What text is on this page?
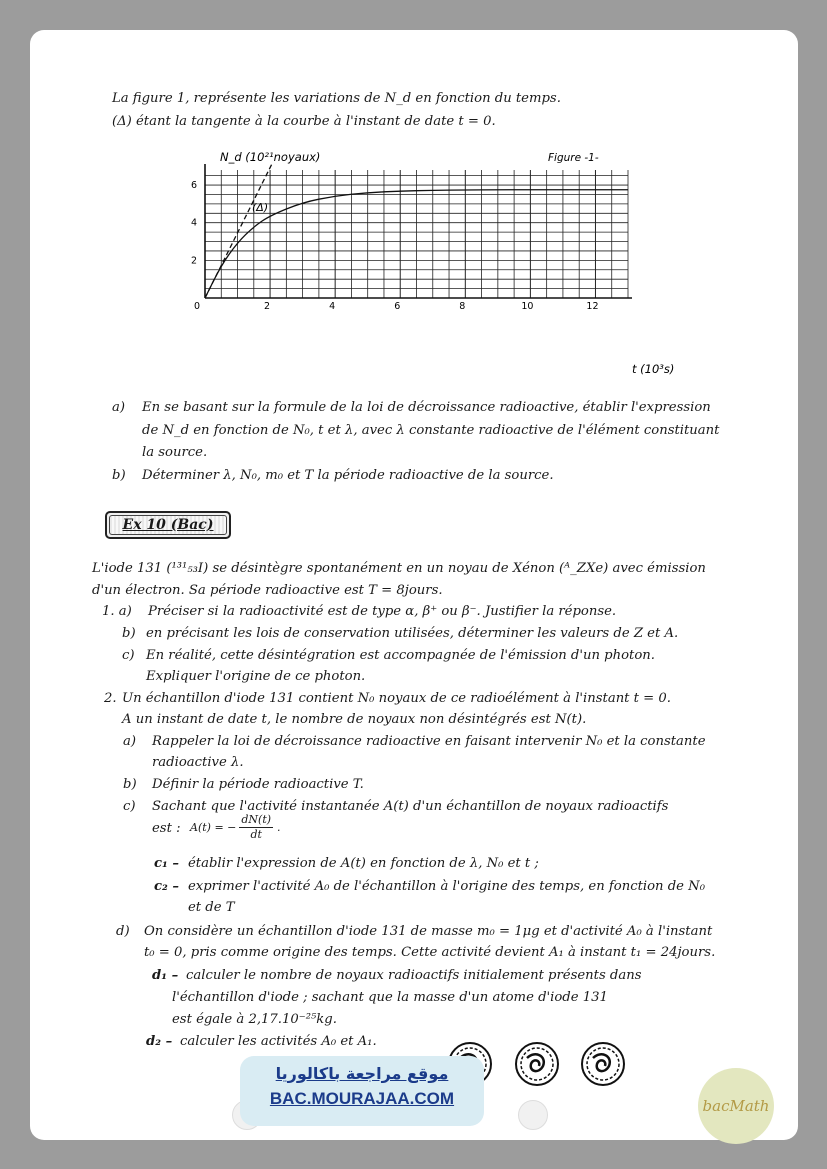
La figure 1, représente les variations de N_d en fonction du temps.
(Δ) étant la tangente à la courbe à l'instant de date t = 0.
0	2	4	6	8	10	12
2
4
6
N_d (10²¹noyaux)
t (10³s)
Figure -1-
(Δ)
a) En se basant sur la formule de la loi de décroissance radioactive, établir l'expression
de N_d en fonction de N₀, t et λ, avec λ constante radioactive de l'élément constituant
la source.
b) Déterminer λ, N₀, m₀ et T la période radioactive de la source.
Ex 10 (Bac)
L'iode 131 (¹³¹₅₃I) se désintègre spontanément en un noyau de Xénon (ᴬ_ZXe) avec émission
d'un électron. Sa période radioactive est T = 8jours.
1. a) Préciser si la radioactivité est de type α, β⁺ ou β⁻. Justifier la réponse.
b) en précisant les lois de conservation utilisées, déterminer les valeurs de Z et A.
c) En réalité, cette désintégration est accompagnée de l'émission d'un photon.
Expliquer l'origine de ce photon.
2. Un échantillon d'iode 131 contient N₀ noyaux de ce radioélément à l'instant t = 0.
A un instant de date t, le nombre de noyaux non désintégrés est N(t).
a) Rappeler la loi de décroissance radioactive en faisant intervenir N₀ et la constante
radioactive λ.
b) Définir la période radioactive T.
c) Sachant que l'activité instantanée A(t) d'un échantillon de noyaux radioactifs
est : A(t) = − $\frac{dN(t)}{dt}$ .
c₁ – établir l'expression de A(t) en fonction de λ, N₀ et t ;
c₂ – exprimer l'activité A₀ de l'échantillon à l'origine des temps, en fonction de N₀
et de T
d) On considère un échantillon d'iode 131 de masse m₀ = 1μg et d'activité A₀ à l'instant
t₀ = 0, pris comme origine des temps. Cette activité devient A₁ à instant t₁ = 24jours.
d₁ – calculer le nombre de noyaux radioactifs initialement présents dans
l'échantillon d'iode ; sachant que la masse d'un atome d'iode 131
est égale à 2,17.10⁻²⁵kg.
d₂ – calculer les activités A₀ et A₁.
موقع مراجعة باكالوريا
BAC.MOURAJAA.COM	bacMath
